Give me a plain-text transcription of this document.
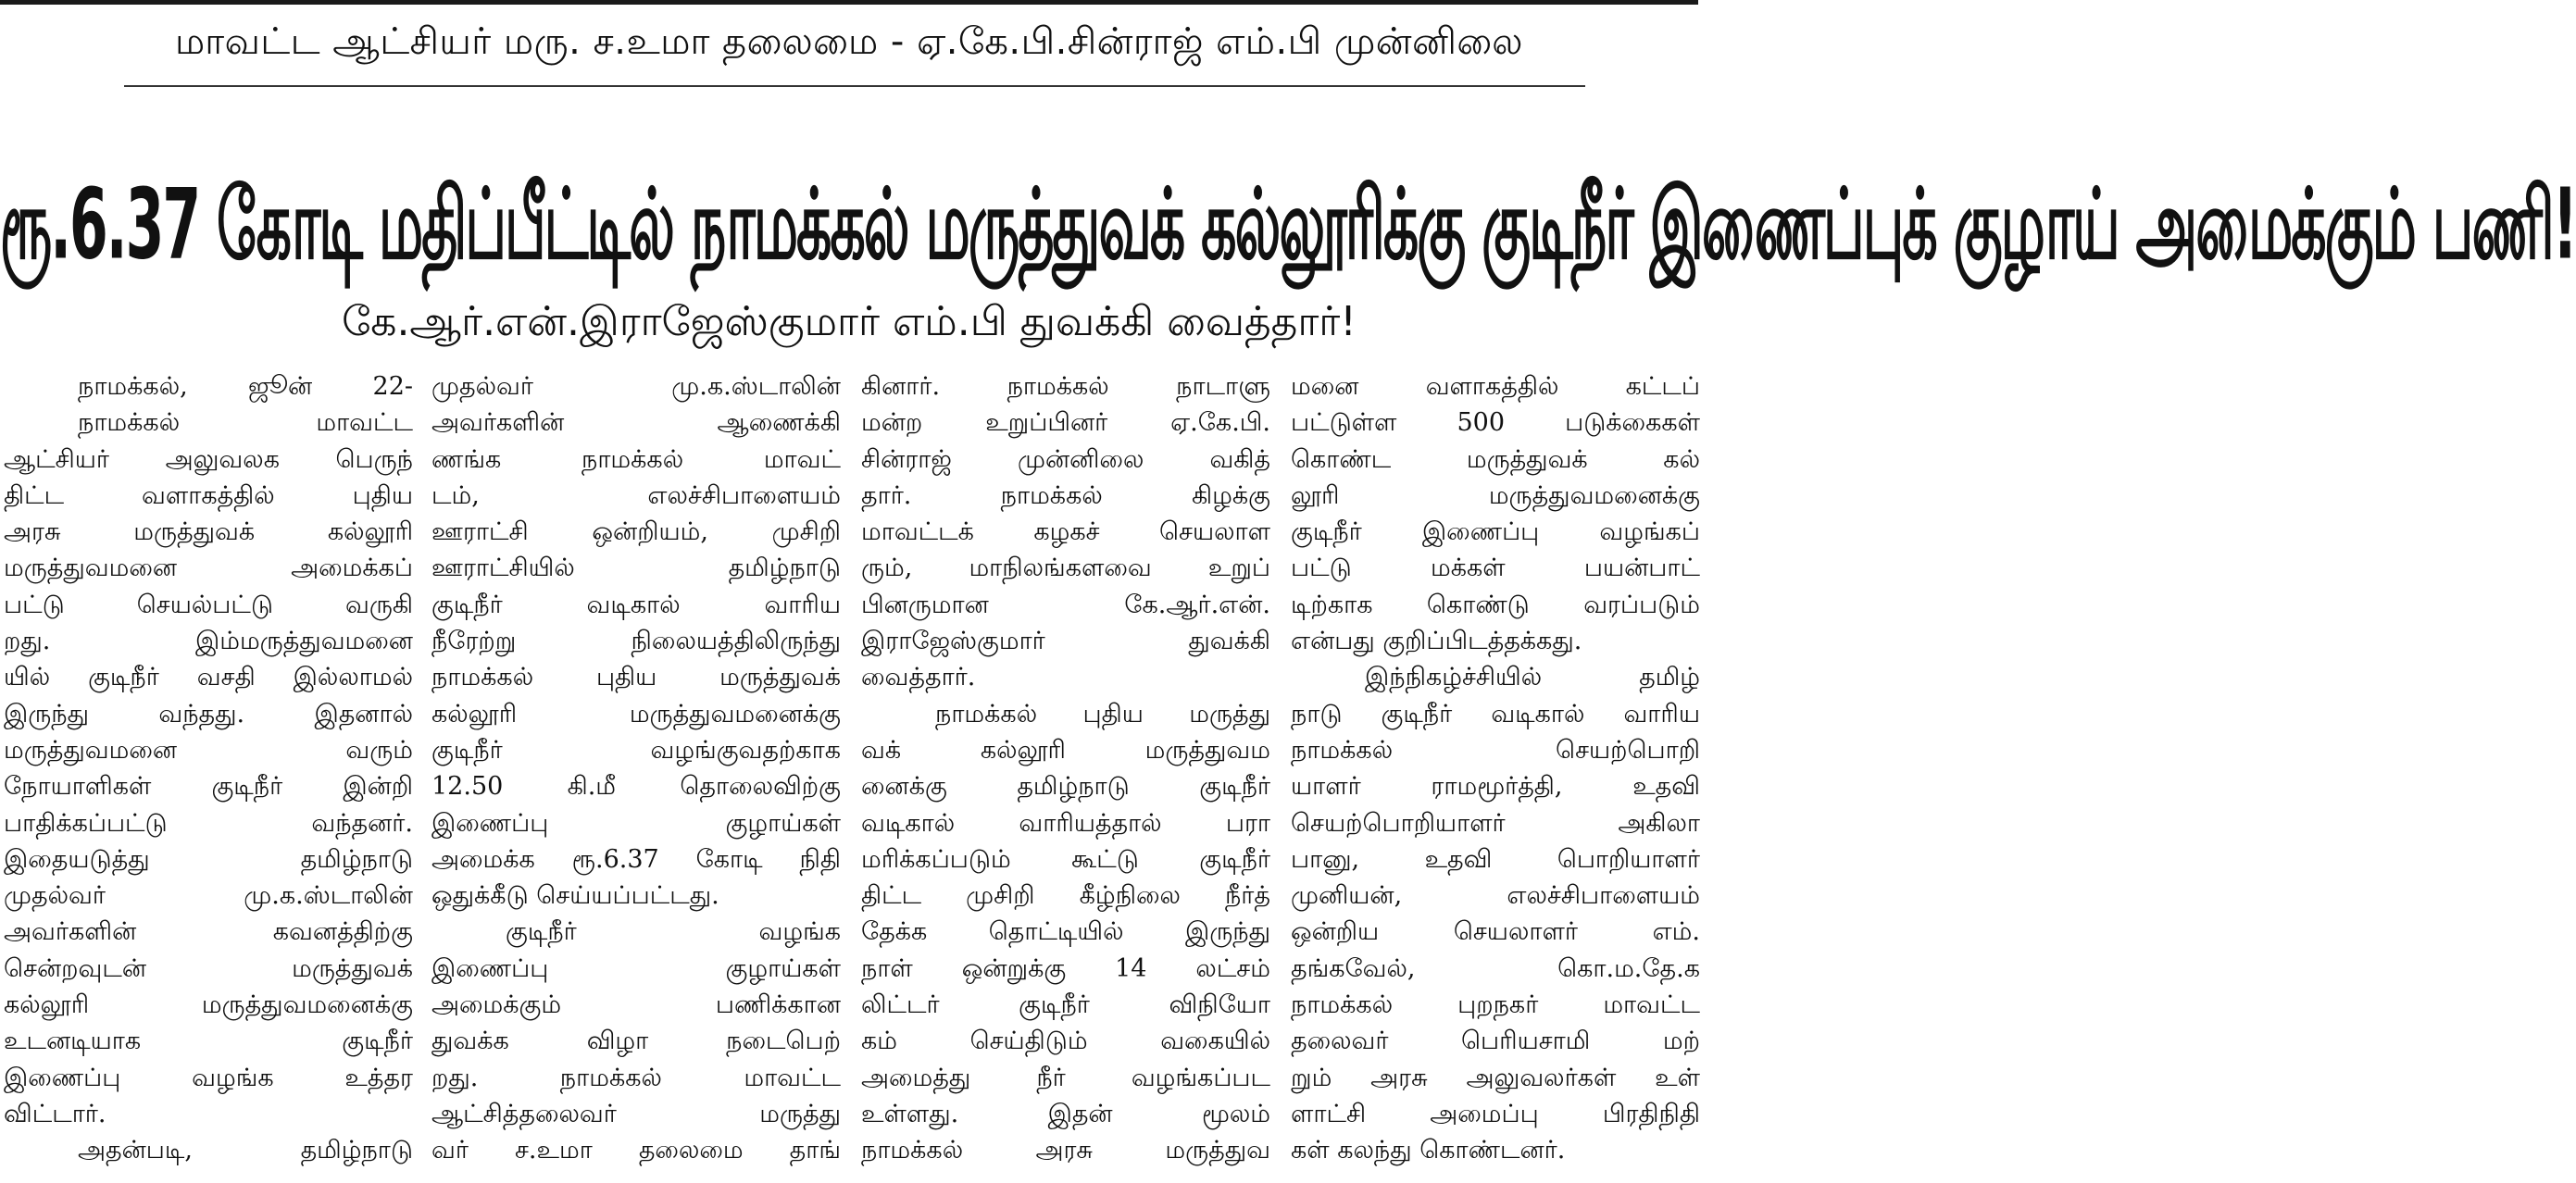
மாவட்ட ஆட்சியர் மரு. ச.உமா தலைமை - ஏ.கே.பி.சின்ராஜ் எம்.பி முன்னிலை
ரூ.6.37 கோடி மதிப்பீட்டில் நாமக்கல் மருத்துவக் கல்லூரிக்கு குடிநீர் இணைப்புக் குழாய் அமைக்கும் பணி!
கே.ஆர்.என்.இராஜேஸ்குமார் எம்.பி துவக்கி வைத்தார்!
நாமக்கல், ஜூன் 22-
நாமக்கல் மாவட்ட
ஆட்சியர் அலுவலக பெருந்
திட்ட வளாகத்தில் புதிய
அரசு மருத்துவக் கல்லூரி
மருத்துவமனை அமைக்கப்
பட்டு செயல்பட்டு வருகி
றது. இம்மருத்துவமனை
யில் குடிநீர் வசதி இல்லாமல்
இருந்து வந்தது. இதனால்
மருத்துவமனை வரும்
நோயாளிகள் குடிநீர் இன்றி
பாதிக்கப்பட்டு வந்தனர்.
இதையடுத்து தமிழ்நாடு
முதல்வர் மு.க.ஸ்டாலின்
அவர்களின் கவனத்திற்கு
சென்றவுடன் மருத்துவக்
கல்லூரி மருத்துவமனைக்கு
உடனடியாக குடிநீர்
இணைப்பு வழங்க உத்தர
விட்டார்.
அதன்படி, தமிழ்நாடு
முதல்வர் மு.க.ஸ்டாலின்
அவர்களின் ஆணைக்கி
ணங்க நாமக்கல் மாவட்
டம், எலச்சிபாளையம்
ஊராட்சி ஒன்றியம், முசிறி
ஊராட்சியில் தமிழ்நாடு
குடிநீர் வடிகால் வாரிய
நீரேற்று நிலையத்திலிருந்து
நாமக்கல் புதிய மருத்துவக்
கல்லூரி மருத்துவமனைக்கு
குடிநீர் வழங்குவதற்காக
12.50 கி.மீ தொலைவிற்கு
இணைப்பு குழாய்கள்
அமைக்க ரூ.6.37 கோடி நிதி
ஒதுக்கீடு செய்யப்பட்டது.
குடிநீர் வழங்க
இணைப்பு குழாய்கள்
அமைக்கும் பணிக்கான
துவக்க விழா நடைபெற்
றது. நாமக்கல் மாவட்ட
ஆட்சித்தலைவர் மருத்து
வர் ச.உமா தலைமை தாங்
கினார். நாமக்கல் நாடாளு
மன்ற உறுப்பினர் ஏ.கே.பி.
சின்ராஜ் முன்னிலை வகித்
தார். நாமக்கல் கிழக்கு
மாவட்டக் கழகச் செயலாள
ரும், மாநிலங்களவை உறுப்
பினருமான கே.ஆர்.என்.
இராஜேஸ்குமார் துவக்கி
வைத்தார்.
நாமக்கல் புதிய மருத்து
வக் கல்லூரி மருத்துவம
னைக்கு தமிழ்நாடு குடிநீர்
வடிகால் வாரியத்தால் பரா
மரிக்கப்படும் கூட்டு குடிநீர்
திட்ட முசிறி கீழ்நிலை நீர்த்
தேக்க தொட்டியில் இருந்து
நாள் ஒன்றுக்கு 14 லட்சம்
லிட்டர் குடிநீர் விநியோ
கம் செய்திடும் வகையில்
அமைத்து நீர் வழங்கப்பட
உள்ளது. இதன் மூலம்
நாமக்கல் அரசு மருத்துவ
மனை வளாகத்தில் கட்டப்
பட்டுள்ள 500 படுக்கைகள்
கொண்ட மருத்துவக் கல்
லூரி மருத்துவமனைக்கு
குடிநீர் இணைப்பு வழங்கப்
பட்டு மக்கள் பயன்பாட்
டிற்காக கொண்டு வரப்படும்
என்பது குறிப்பிடத்தக்கது.
இந்நிகழ்ச்சியில் தமிழ்
நாடு குடிநீர் வடிகால் வாரிய
நாமக்கல் செயற்பொறி
யாளர் ராமமூர்த்தி, உதவி
செயற்பொறியாளர் அகிலா
பானு, உதவி பொறியாளர்
முனியன், எலச்சிபாளையம்
ஒன்றிய செயலாளர் எம்.
தங்கவேல், கொ.ம.தே.க
நாமக்கல் புறநகர் மாவட்ட
தலைவர் பெரியசாமி மற்
றும் அரசு அலுவலர்கள் உள்
ளாட்சி அமைப்பு பிரதிநிதி
கள் கலந்து கொண்டனர்.
